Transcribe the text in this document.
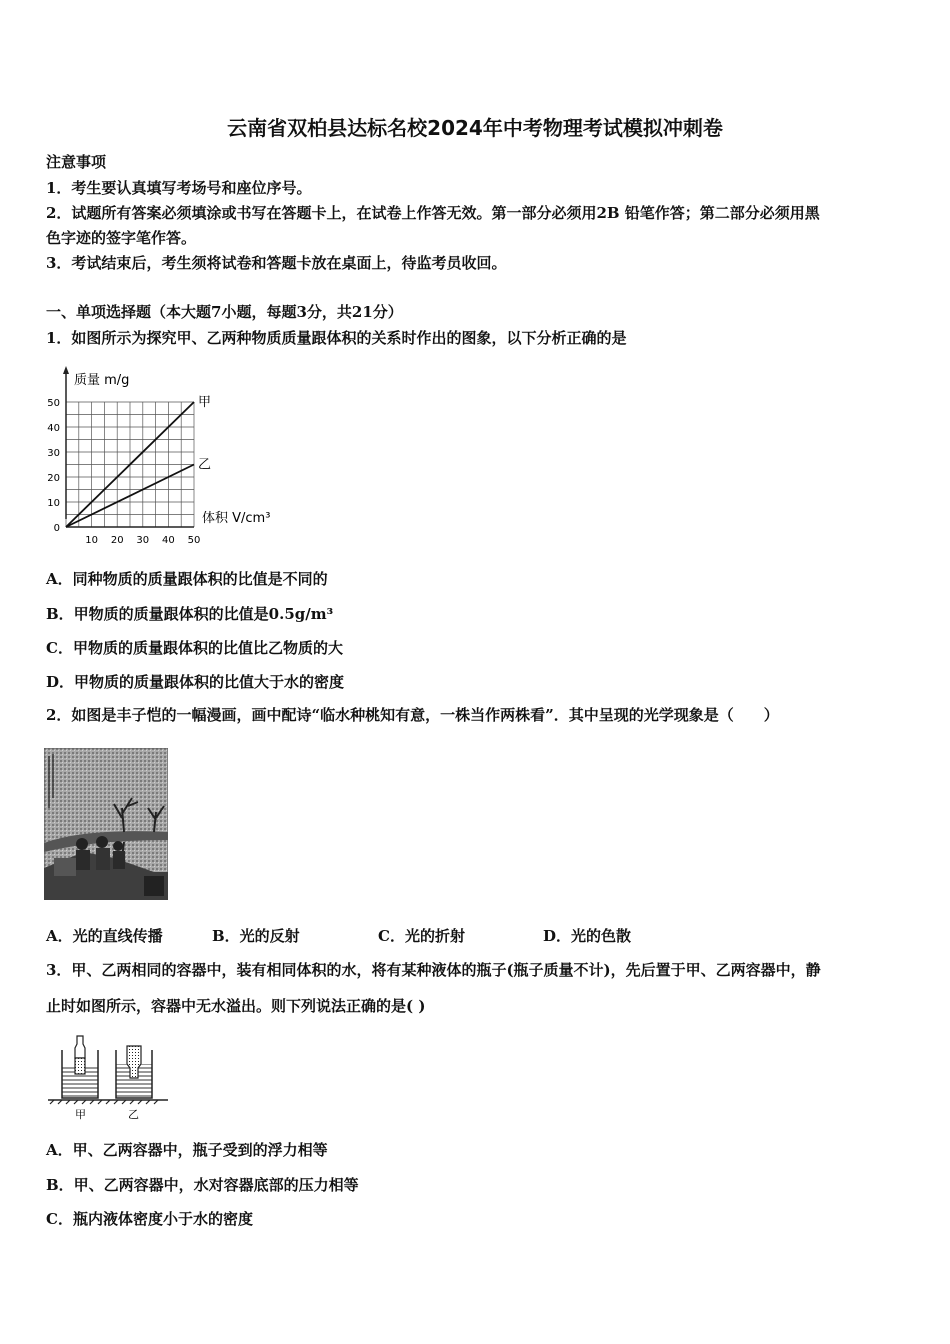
云南省双柏县达标名校2024年中考物理考试模拟冲刺卷
注意事项
1．考生要认真填写考场号和座位序号。
2．试题所有答案必须填涂或书写在答题卡上，在试卷上作答无效。第一部分必须用2B 铅笔作答；第二部分必须用黑
色字迹的签字笔作答。
3．考试结束后，考生须将试卷和答题卡放在桌面上，待监考员收回。
一、单项选择题（本大题7小题，每题3分，共21分）
1．如图所示为探究甲、乙两种物质质量跟体积的关系时作出的图象，以下分析正确的是
质量 m/g
体积 V/cm³
0
10
20
30
40
50
10 20 30 40 50
甲
乙
A．同种物质的质量跟体积的比值是不同的
B．甲物质的质量跟体积的比值是0.5g/m³
C．甲物质的质量跟体积的比值比乙物质的大
D．甲物质的质量跟体积的比值大于水的密度
2．如图是丰子恺的一幅漫画，画中配诗“临水种桃知有意，一株当作两株看”．其中呈现的光学现象是（　　）
A．光的直线传播	B．光的反射	C．光的折射	D．光的色散
3．甲、乙两相同的容器中，装有相同体积的水，将有某种液体的瓶子(瓶子质量不计)，先后置于甲、乙两容器中，静
止时如图所示，容器中无水溢出。则下列说法正确的是( )
甲	乙
A．甲、乙两容器中，瓶子受到的浮力相等
B．甲、乙两容器中，水对容器底部的压力相等
C．瓶内液体密度小于水的密度
